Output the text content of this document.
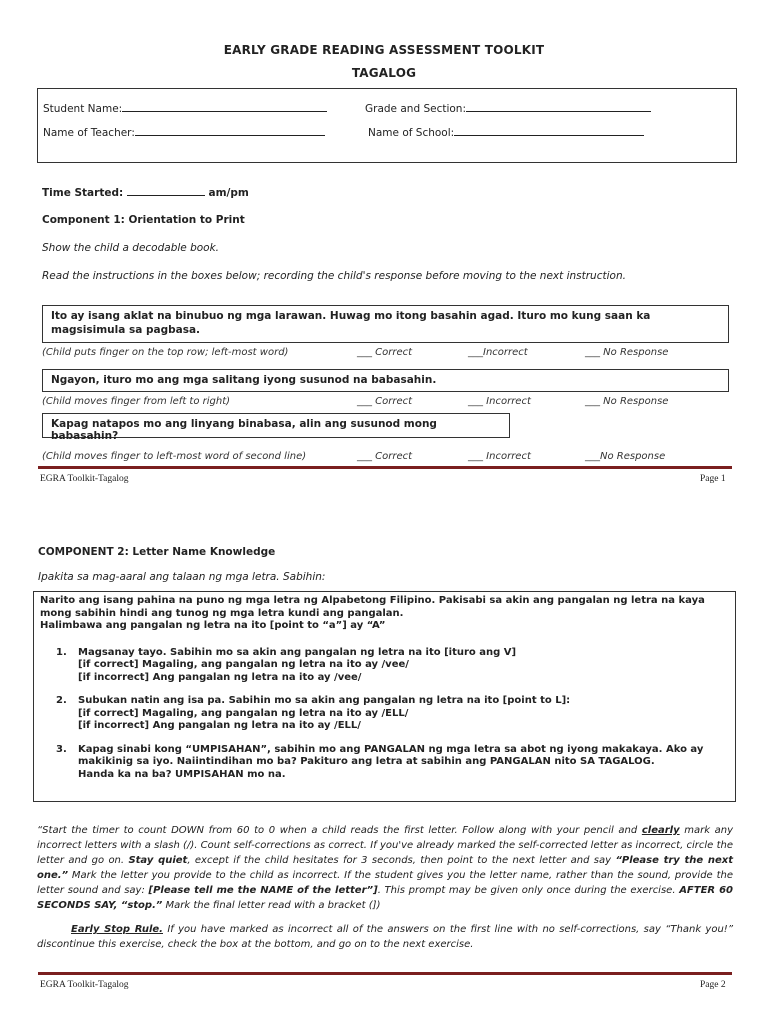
EARLY GRADE READING ASSESSMENT TOOLKIT
TAGALOG
Student Name:	Grade and Section:
Name of Teacher:	Name of School:
Time Started:	am/pm
Component 1: Orientation to Print
Show the child a decodable book.
Read the instructions in the boxes below; recording the child's response before moving to the next instruction.
Ito ay isang aklat na binubuo ng mga larawan. Huwag mo itong basahin agad. Ituro mo kung saan ka magsisimula sa pagbasa.
(Child puts finger on the top row; left-most word)	___ Correct	___Incorrect	___ No Response
Ngayon, ituro mo ang mga salitang iyong susunod na babasahin.
(Child moves finger from left to right)	___ Correct	___ Incorrect	___ No Response
Kapag natapos mo ang linyang binabasa, alin ang susunod mong babasahin?
(Child moves finger to left-most word of second line)	___ Correct	___ Incorrect	___No Response
EGRA Toolkit-Tagalog	Page 1
COMPONENT 2: Letter Name Knowledge
Ipakita sa mag-aaral ang talaan ng mga letra. Sabihin:

Narito ang isang pahina na puno ng mga letra ng Alpabetong Filipino. Pakisabi sa akin ang pangalan ng letra na kaya mong sabihin hindi ang tunog ng mga letra kundi ang pangalan.

Halimbawa ang pangalan ng letra na ito [point to “a”] ay “A”

1. Magsanay tayo. Sabihin mo sa akin ang pangalan ng letra na ito [ituro ang V]

[if correct] Magaling, ang pangalan ng letra na ito ay /vee/

[if incorrect] Ang pangalan ng letra na ito ay /vee/

2. Subukan natin ang isa pa. Sabihin mo sa akin ang pangalan ng letra na ito [point to L]:

[if correct] Magaling, ang pangalan ng letra na ito ay /ELL/

[if incorrect] Ang pangalan ng letra na ito ay /ELL/

3. Kapag sinabi kong “UMPISAHAN”, sabihin mo ang PANGALAN ng mga letra sa abot ng iyong makakaya. Ako ay makikinig sa iyo. Naiintindihan mo ba? Pakituro ang letra at sabihin ang PANGALAN nito SA TAGALOG.

Handa ka na ba? UMPISAHAN mo na.

“Start the timer to count DOWN from 60 to 0 when a child reads the first letter. Follow along with your pencil and clearly mark any incorrect letters with a slash (/). Count self-corrections as correct. If you've already marked the self-corrected letter as incorrect, circle the letter and go on. Stay quiet, except if the child hesitates for 3 seconds, then point to the next letter and say “Please try the next one.” Mark the letter you provide to the child as incorrect. If the student gives you the letter name, rather than the sound, provide the letter sound and say: [Please tell me the NAME of the letter”]. This prompt may be given only once during the exercise. AFTER 60 SECONDS SAY, “stop.” Mark the final letter read with a bracket (])
Early Stop Rule. If you have marked as incorrect all of the answers on the first line with no self-corrections, say “Thank you!” discontinue this exercise, check the box at the bottom, and go on to the next exercise.
EGRA Toolkit-Tagalog	Page 2
